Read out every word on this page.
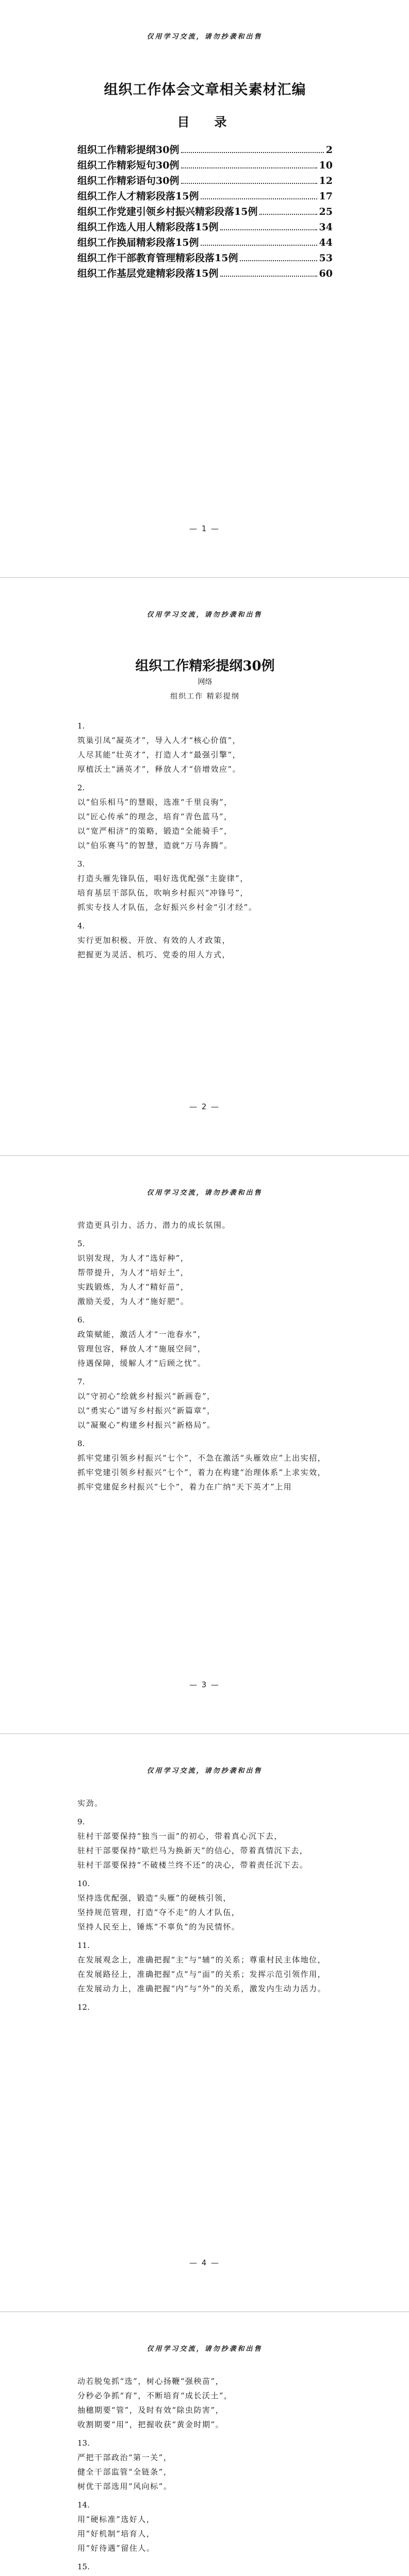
仅用学习交流，请勿抄袭和出售
组织工作体会文章相关素材汇编
目　录
组织工作精彩提纲30例	2
组织工作精彩短句30例	10
组织工作精彩语句30例	12
组织工作人才精彩段落15例	17
组织工作党建引领乡村振兴精彩段落15例	25
组织工作选人用人精彩段落15例	34
组织工作换届精彩段落15例	44
组织工作干部教育管理精彩段落15例	53
组织工作基层党建精彩段落15例	60
— 1 —
仅用学习交流，请勿抄袭和出售
组织工作精彩提纲30例
网络
组织工作 精彩提纲
1.
筑巢引凤“凝英才”，导入人才“核心价值”，
人尽其能“壮英才”，打造人才“最强引擎”，
厚植沃土“涵英才”，释放人才“倍增效应”。
2.
以“伯乐相马”的慧眼，选准“千里良驹”，
以“匠心传承”的理念，培育“青色蓝马”，
以“宽严相济”的策略，锻造“全能骑手”，
以“伯乐赛马”的智慧，造就“万马奔腾”。
3.
打造头雁先锋队伍，唱好选优配强“主旋律”，
培育基层干部队伍，吹响乡村振兴“冲锋号”，
抓实专技人才队伍，念好振兴乡村金“引才经”。
4.
实行更加积极、开放、有效的人才政策，
把握更为灵活、机巧、党委的用人方式，
— 2 —
仅用学习交流，请勿抄袭和出售
营造更具引力、活力、潜力的成长氛围。
5.
识别发现，为人才“选好种”，
帮带提升，为人才“培好土”，
实践锻炼，为人才“精好苗”，
激励关爱，为人才“施好肥”。
6.
政策赋能，激活人才“一池春水”，
管理包容，释放人才“施展空间”，
待遇保障，缓解人才“后顾之忧”。
7.
以“守初心”绘就乡村振兴“新画卷”，
以“勇实心”谱写乡村振兴“新篇章”，
以“凝聚心”构建乡村振兴“新格局”。
8.
抓牢党建引领乡村振兴“七个”，不急在激活“头雁效应”上出实招，
抓牢党建引领乡村振兴“七个”，着力在构建“治理体系”上求实效，
抓牢党建促乡村振兴“七个”，着力在广纳“天下英才”上用
— 3 —
仅用学习交流，请勿抄袭和出售
实劲。
9.
驻村干部要保持“独当一面”的初心，带着真心沉下去，
驻村干部要保持“歇烂马为换新天”的信心，带着真情沉下去，
驻村干部要保持“不破楼兰终不还”的决心，带着责任沉下去。
10.
坚持选优配强，锻造“头雁”的硬核引领，
坚持规范管理，打造“夺不走”的人才队伍，
坚持人民至上，锤炼“不辜负”的为民情怀。
11.
在发展观念上，准确把握“主”与“辅”的关系；尊重村民主体地位，
在发展路径上，准确把握“点”与“面”的关系；发挥示范引领作用，
在发展动力上，准确把握“内”与“外”的关系，激发内生动力活力。
12.
— 4 —
仅用学习交流，请勿抄袭和出售
动若脱兔抓“选”，树心扬鞭“强秧苗”，
分秒必争抓“育”，不断培育“成长沃土”，
抽穗期要“管”，及时有效“除虫防害”，
收割期要“用”，把握收获“黄金时期”。
13.
严把干部政治“第一关”，
健全干部监管“全链条”，
树优干部选用“风向标”。
14.
用“硬标准”选好人，
用“好机制”培育人，
用“好待遇”留住人。
15.
